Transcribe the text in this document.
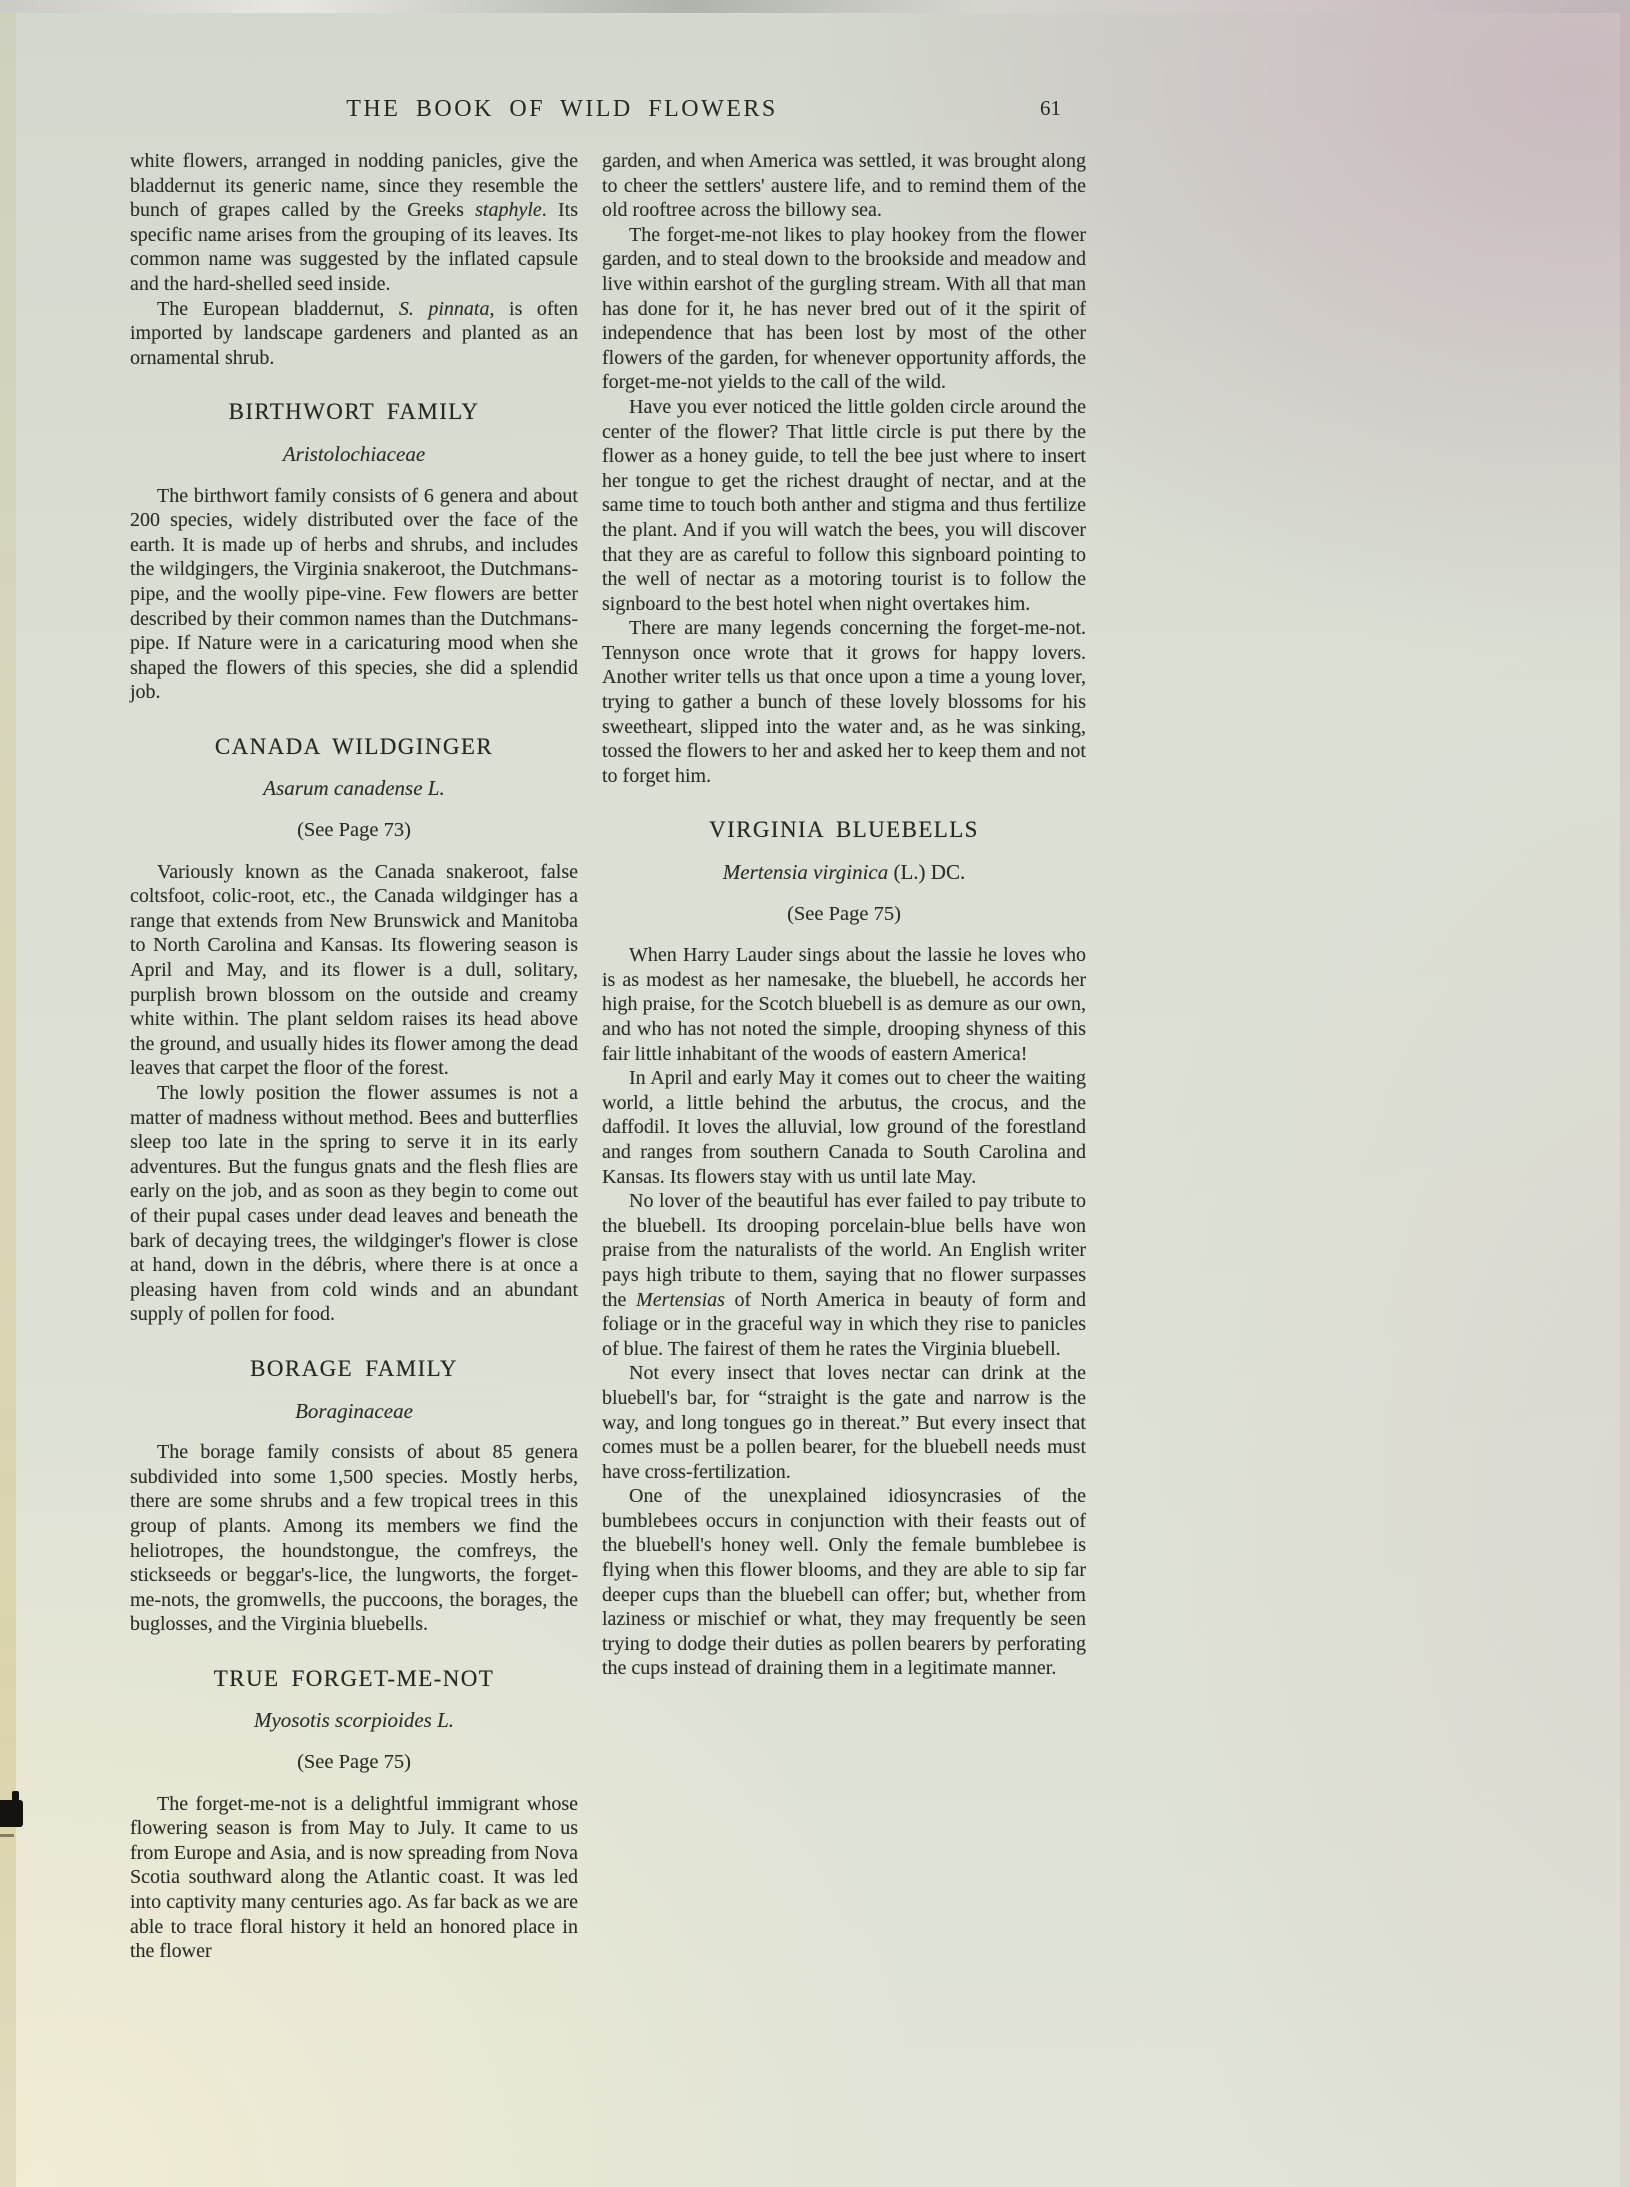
THE BOOK OF WILD FLOWERS	61

white flowers, arranged in nodding panicles, give the bladdernut its generic name, since they resemble the bunch of grapes called by the Greeks staphyle. Its specific name arises from the grouping of its leaves. Its common name was suggested by the inflated capsule and the hard-shelled seed inside.

The European bladdernut, S. pinnata, is often imported by landscape gardeners and planted as an ornamental shrub.

BIRTHWORT FAMILY
Aristolochiaceae

The birthwort family consists of 6 genera and about 200 species, widely distributed over the face of the earth. It is made up of herbs and shrubs, and includes the wildgingers, the Virginia snakeroot, the Dutchmans-pipe, and the woolly pipe-vine. Few flowers are better described by their common names than the Dutchmans-pipe. If Nature were in a caricaturing mood when she shaped the flowers of this species, she did a splendid job.

CANADA WILDGINGER
Asarum canadense L.
(See Page 73)

Variously known as the Canada snakeroot, false coltsfoot, colic-root, etc., the Canada wildginger has a range that extends from New Brunswick and Manitoba to North Carolina and Kansas. Its flowering season is April and May, and its flower is a dull, solitary, purplish brown blossom on the outside and creamy white within. The plant seldom raises its head above the ground, and usually hides its flower among the dead leaves that carpet the floor of the forest.

The lowly position the flower assumes is not a matter of madness without method. Bees and butterflies sleep too late in the spring to serve it in its early adventures. But the fungus gnats and the flesh flies are early on the job, and as soon as they begin to come out of their pupal cases under dead leaves and beneath the bark of decaying trees, the wildginger's flower is close at hand, down in the débris, where there is at once a pleasing haven from cold winds and an abundant supply of pollen for food.

BORAGE FAMILY
Boraginaceae

The borage family consists of about 85 genera subdivided into some 1,500 species. Mostly herbs, there are some shrubs and a few tropical trees in this group of plants. Among its members we find the heliotropes, the houndstongue, the comfreys, the stickseeds or beggar's-lice, the lungworts, the forget-me-nots, the gromwells, the puccoons, the borages, the buglosses, and the Virginia bluebells.

TRUE FORGET-ME-NOT
Myosotis scorpioides L.
(See Page 75)

The forget-me-not is a delightful immigrant whose flowering season is from May to July. It came to us from Europe and Asia, and is now spreading from Nova Scotia southward along the Atlantic coast. It was led into captivity many centuries ago. As far back as we are able to trace floral history it held an honored place in the flower

garden, and when America was settled, it was brought along to cheer the settlers' austere life, and to remind them of the old rooftree across the billowy sea.

The forget-me-not likes to play hookey from the flower garden, and to steal down to the brookside and meadow and live within earshot of the gurgling stream. With all that man has done for it, he has never bred out of it the spirit of independence that has been lost by most of the other flowers of the garden, for whenever opportunity affords, the forget-me-not yields to the call of the wild.

Have you ever noticed the little golden circle around the center of the flower? That little circle is put there by the flower as a honey guide, to tell the bee just where to insert her tongue to get the richest draught of nectar, and at the same time to touch both anther and stigma and thus fertilize the plant. And if you will watch the bees, you will discover that they are as careful to follow this signboard pointing to the well of nectar as a motoring tourist is to follow the signboard to the best hotel when night overtakes him.

There are many legends concerning the forget-me-not. Tennyson once wrote that it grows for happy lovers. Another writer tells us that once upon a time a young lover, trying to gather a bunch of these lovely blossoms for his sweetheart, slipped into the water and, as he was sinking, tossed the flowers to her and asked her to keep them and not to forget him.

VIRGINIA BLUEBELLS
Mertensia virginica (L.) DC.
(See Page 75)

When Harry Lauder sings about the lassie he loves who is as modest as her namesake, the bluebell, he accords her high praise, for the Scotch bluebell is as demure as our own, and who has not noted the simple, drooping shyness of this fair little inhabitant of the woods of eastern America!

In April and early May it comes out to cheer the waiting world, a little behind the arbutus, the crocus, and the daffodil. It loves the alluvial, low ground of the forestland and ranges from southern Canada to South Carolina and Kansas. Its flowers stay with us until late May.

No lover of the beautiful has ever failed to pay tribute to the bluebell. Its drooping porcelain-blue bells have won praise from the naturalists of the world. An English writer pays high tribute to them, saying that no flower surpasses the Mertensias of North America in beauty of form and foliage or in the graceful way in which they rise to panicles of blue. The fairest of them he rates the Virginia bluebell.

Not every insect that loves nectar can drink at the bluebell's bar, for “straight is the gate and narrow is the way, and long tongues go in thereat.” But every insect that comes must be a pollen bearer, for the bluebell needs must have cross-fertilization.

One of the unexplained idiosyncrasies of the bumblebees occurs in conjunction with their feasts out of the bluebell's honey well. Only the female bumblebee is flying when this flower blooms, and they are able to sip far deeper cups than the bluebell can offer; but, whether from laziness or mischief or what, they may frequently be seen trying to dodge their duties as pollen bearers by perforating the cups instead of draining them in a legitimate manner.
